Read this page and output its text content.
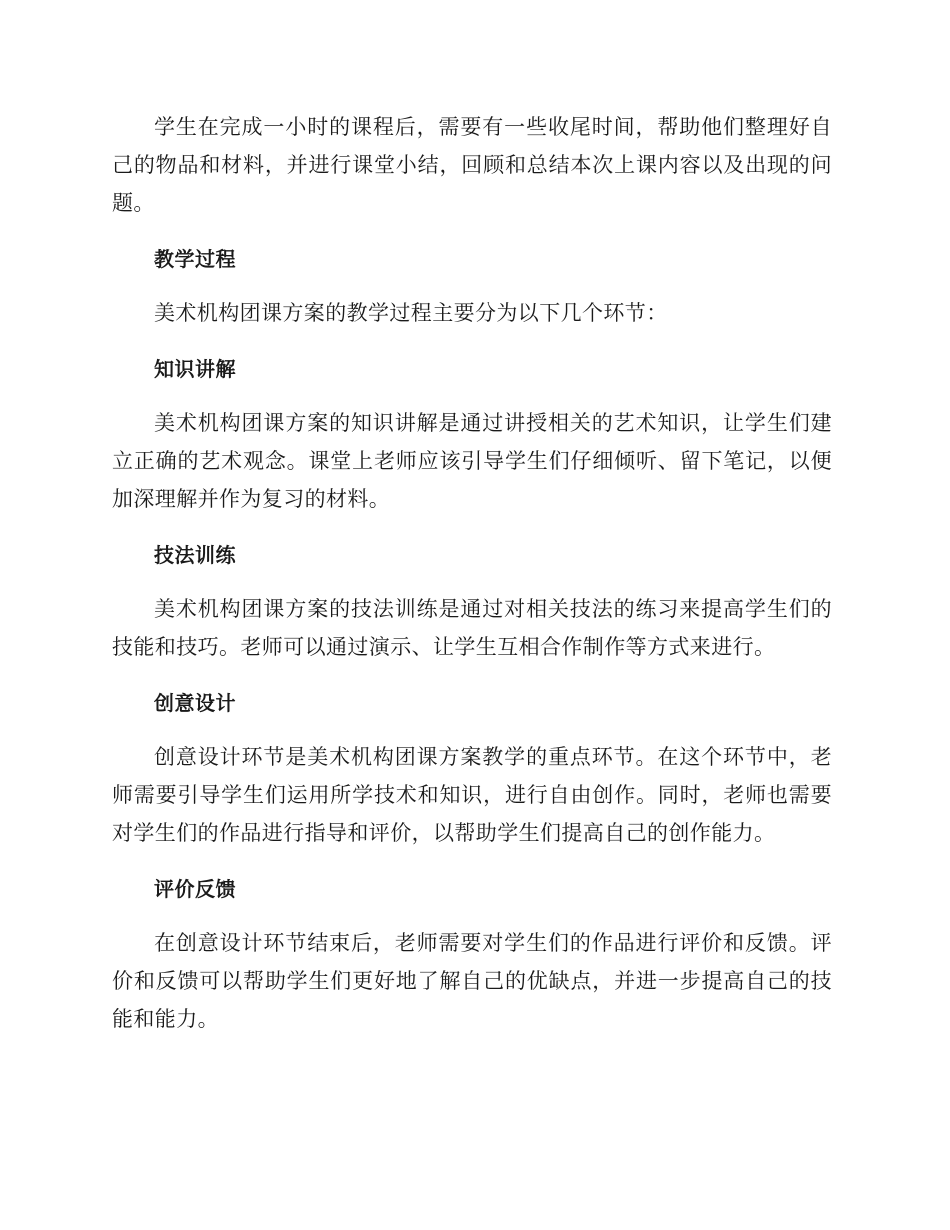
学生在完成一小时的课程后，需要有一些收尾时间，帮助他们整理好自己的物品和材料，并进行课堂小结，回顾和总结本次上课内容以及出现的问题。

教学过程

美术机构团课方案的教学过程主要分为以下几个环节：

知识讲解

美术机构团课方案的知识讲解是通过讲授相关的艺术知识，让学生们建立正确的艺术观念。课堂上老师应该引导学生们仔细倾听、留下笔记，以便加深理解并作为复习的材料。

技法训练

美术机构团课方案的技法训练是通过对相关技法的练习来提高学生们的技能和技巧。老师可以通过演示、让学生互相合作制作等方式来进行。

创意设计

创意设计环节是美术机构团课方案教学的重点环节。在这个环节中，老师需要引导学生们运用所学技术和知识，进行自由创作。同时，老师也需要对学生们的作品进行指导和评价，以帮助学生们提高自己的创作能力。

评价反馈

在创意设计环节结束后，老师需要对学生们的作品进行评价和反馈。评价和反馈可以帮助学生们更好地了解自己的优缺点，并进一步提高自己的技能和能力。
